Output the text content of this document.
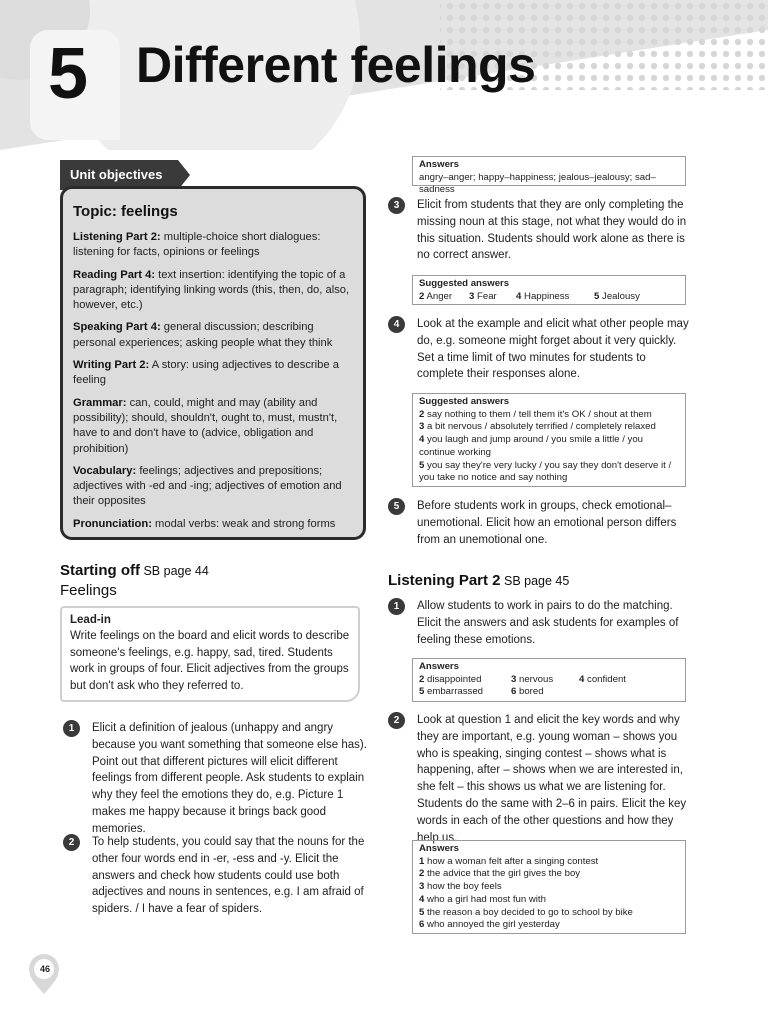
5 Different feelings
Unit objectives
Topic: feelings

Listening Part 2: multiple-choice short dialogues: listening for facts, opinions or feelings

Reading Part 4: text insertion: identifying the topic of a paragraph; identifying linking words (this, then, do, also, however, etc.)

Speaking Part 4: general discussion; describing personal experiences; asking people what they think

Writing Part 2: A story: using adjectives to describe a feeling

Grammar: can, could, might and may (ability and possibility); should, shouldn't, ought to, must, mustn't, have to and don't have to (advice, obligation and prohibition)

Vocabulary: feelings; adjectives and prepositions; adjectives with -ed and -ing; adjectives of emotion and their opposites

Pronunciation: modal verbs: weak and strong forms

Starting off SB page 44
Feelings
Lead-in
Write feelings on the board and elicit words to describe someone's feelings, e.g. happy, sad, tired. Students work in groups of four. Elicit adjectives from the groups but don't ask who they referred to.
1	Elicit a definition of jealous (unhappy and angry because you want something that someone else has). Point out that different pictures will elicit different feelings from different people. Ask students to explain why they feel the emotions they do, e.g. Picture 1 makes me happy because it brings back good memories.
2	To help students, you could say that the nouns for the other four words end in -er, -ess and -y. Elicit the answers and check how students could use both adjectives and nouns in sentences, e.g. I am afraid of spiders. / I have a fear of spiders.
Answers
angry–anger; happy–happiness; jealous–jealousy; sad–sadness
3	Elicit from students that they are only completing the missing noun at this stage, not what they would do in this situation. Students should work alone as there is no correct answer.
Suggested answers
2 Anger 3 Fear 4 Happiness	5 Jealousy
4	Look at the example and elicit what other people may do, e.g. someone might forget about it very quickly. Set a time limit of two minutes for students to complete their responses alone.
Suggested answers
2 say nothing to them / tell them it's OK / shout at them
3 a bit nervous / absolutely terrified / completely relaxed
4 you laugh and jump around / you smile a little / you continue working
5 you say they're very lucky / you say they don't deserve it / you take no notice and say nothing
5	Before students work in groups, check emotional–unemotional. Elicit how an emotional person differs from an unemotional one.
Listening Part 2 SB page 45
1	Allow students to work in pairs to do the matching. Elicit the answers and ask students for examples of feeling these emotions.
Answers
2 disappointed	3 nervous	4 confident
5 embarrassed	6 bored
2	Look at question 1 and elicit the key words and why they are important, e.g. young woman – shows you who is speaking, singing contest – shows what is happening, after – shows when we are interested in, she felt – this shows us what we are listening for. Students do the same with 2–6 in pairs. Elicit the key words in each of the other questions and how they help us.
Answers
1 how a woman felt after a singing contest
2 the advice that the girl gives the boy
3 how the boy feels
4 who a girl had most fun with
5 the reason a boy decided to go to school by bike
6 who annoyed the girl yesterday
46
